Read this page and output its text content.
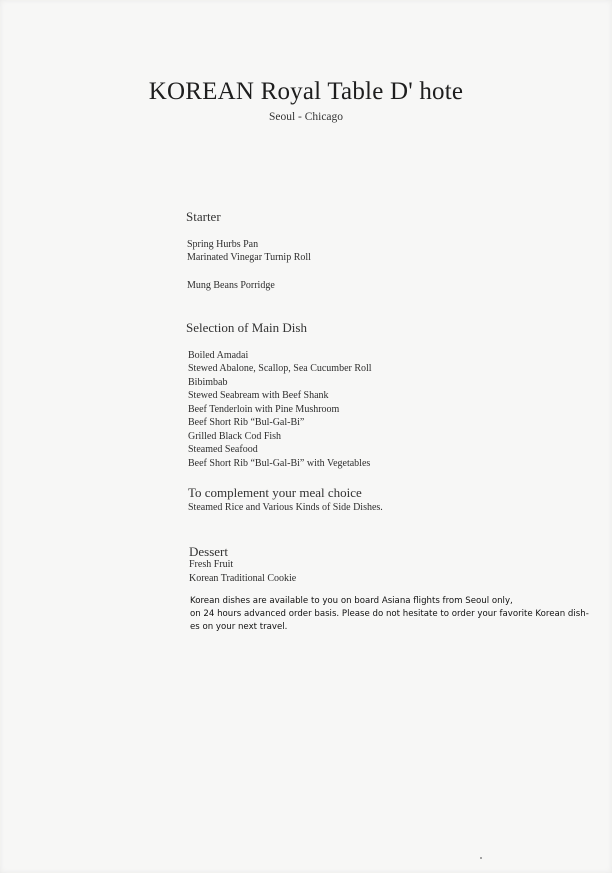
KOREAN Royal Table D' hote
Seoul - Chicago
Starter
Spring Hurbs Pan
Marinated Vinegar Turnip Roll
Mung Beans Porridge
Selection of Main Dish
Boiled Amadai
Stewed Abalone, Scallop, Sea Cucumber Roll
Bibimbab
Stewed Seabream with Beef Shank
Beef Tenderloin with Pine Mushroom
Beef Short Rib “Bul-Gal-Bi”
Grilled Black Cod Fish
Steamed Seafood
Beef Short Rib “Bul-Gal-Bi” with Vegetables
To complement your meal choice
Steamed Rice and Various Kinds of Side Dishes.
Dessert
Fresh Fruit
Korean Traditional Cookie
Korean dishes are available to you on board Asiana flights from Seoul only,
on 24 hours advanced order basis. Please do not hesitate to order your favorite Korean dish-
es on your next travel.
